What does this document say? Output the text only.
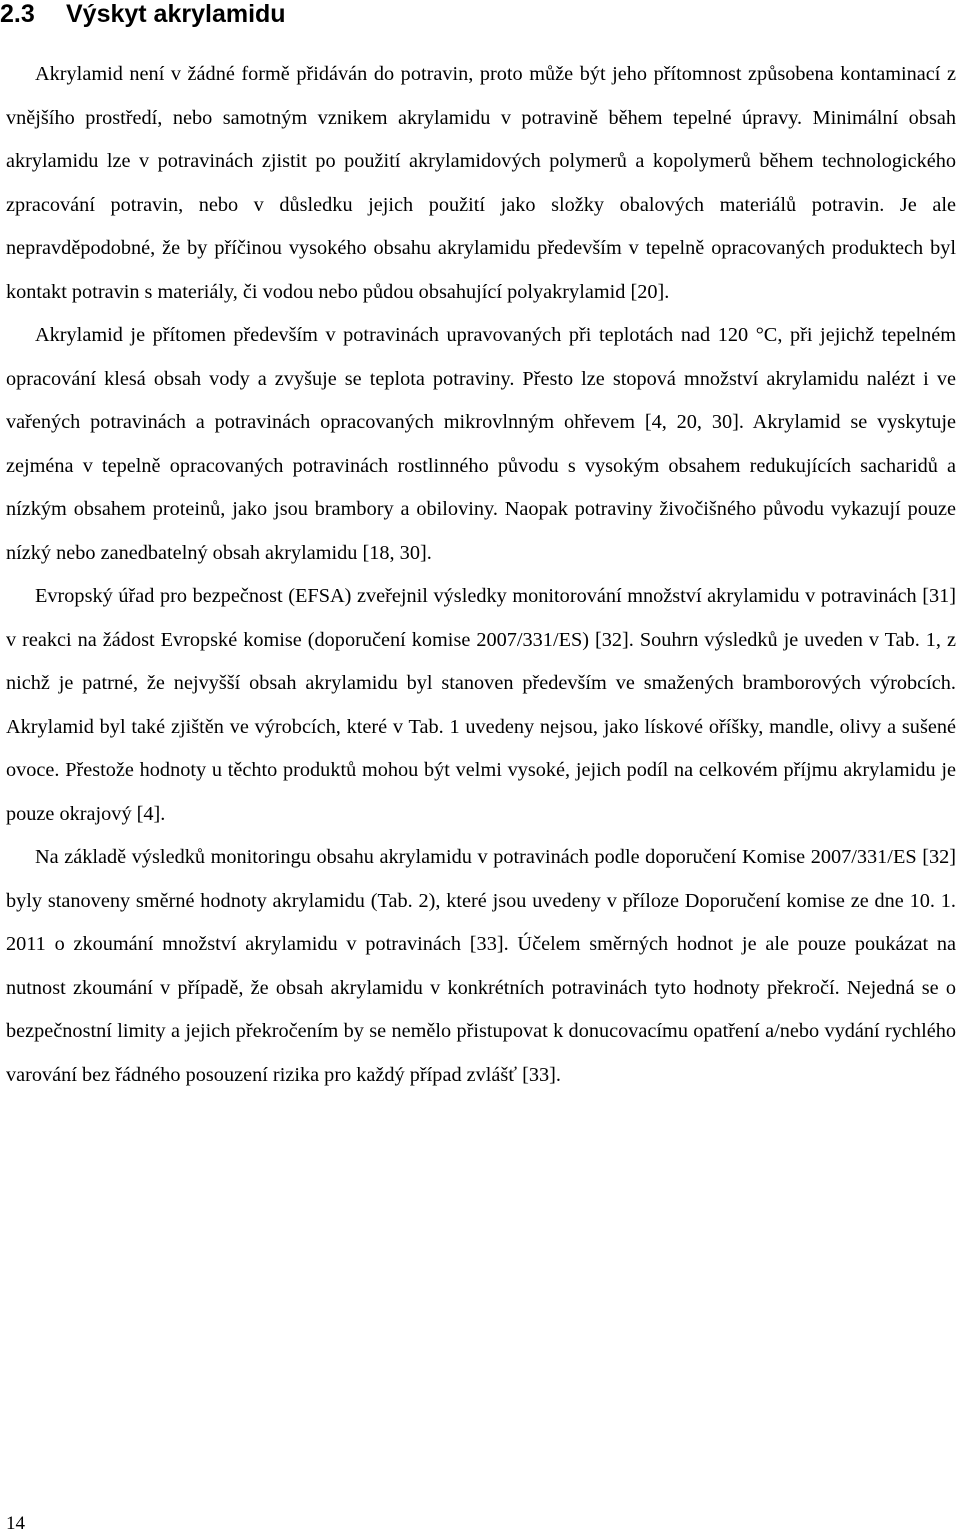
2.3 Výskyt akrylamidu

Akrylamid není v žádné formě přidáván do potravin, proto může být jeho přítomnost způsobena kontaminací z vnějšího prostředí, nebo samotným vznikem akrylamidu v potravině během tepelné úpravy. Minimální obsah akrylamidu lze v potravinách zjistit po použití akrylamidových polymerů a kopolymerů během technologického zpracování potravin, nebo v důsledku jejich použití jako složky obalových materiálů potravin. Je ale nepravděpodobné, že by příčinou vysokého obsahu akrylamidu především v tepelně opracovaných produktech byl kontakt potravin s materiály, či vodou nebo půdou obsahující polyakrylamid [20].

Akrylamid je přítomen především v potravinách upravovaných při teplotách nad 120 °C, při jejichž tepelném opracování klesá obsah vody a zvyšuje se teplota potraviny. Přesto lze stopová množství akrylamidu nalézt i ve vařených potravinách a potravinách opracovaných mikrovlnným ohřevem [4, 20, 30]. Akrylamid se vyskytuje zejména v tepelně opracovaných potravinách rostlinného původu s vysokým obsahem redukujících sacharidů a nízkým obsahem proteinů, jako jsou brambory a obiloviny. Naopak potraviny živočišného původu vykazují pouze nízký nebo zanedbatelný obsah akrylamidu [18, 30].

Evropský úřad pro bezpečnost (EFSA) zveřejnil výsledky monitorování množství akrylamidu v potravinách [31] v reakci na žádost Evropské komise (doporučení komise 2007/331/ES) [32]. Souhrn výsledků je uveden v Tab. 1, z nichž je patrné, že nejvyšší obsah akrylamidu byl stanoven především ve smažených bramborových výrobcích. Akrylamid byl také zjištěn ve výrobcích, které v Tab. 1 uvedeny nejsou, jako lískové oříšky, mandle, olivy a sušené ovoce. Přestože hodnoty u těchto produktů mohou být velmi vysoké, jejich podíl na celkovém příjmu akrylamidu je pouze okrajový [4].

Na základě výsledků monitoringu obsahu akrylamidu v potravinách podle doporučení Komise 2007/331/ES [32] byly stanoveny směrné hodnoty akrylamidu (Tab. 2), které jsou uvedeny v příloze Doporučení komise ze dne 10. 1. 2011 o zkoumání množství akrylamidu v potravinách [33]. Účelem směrných hodnot je ale pouze poukázat na nutnost zkoumání v případě, že obsah akrylamidu v konkrétních potravinách tyto hodnoty překročí. Nejedná se o bezpečnostní limity a jejich překročením by se nemělo přistupovat k donucovacímu opatření a/nebo vydání rychlého varování bez řádného posouzení rizika pro každý případ zvlášť [33].

14
